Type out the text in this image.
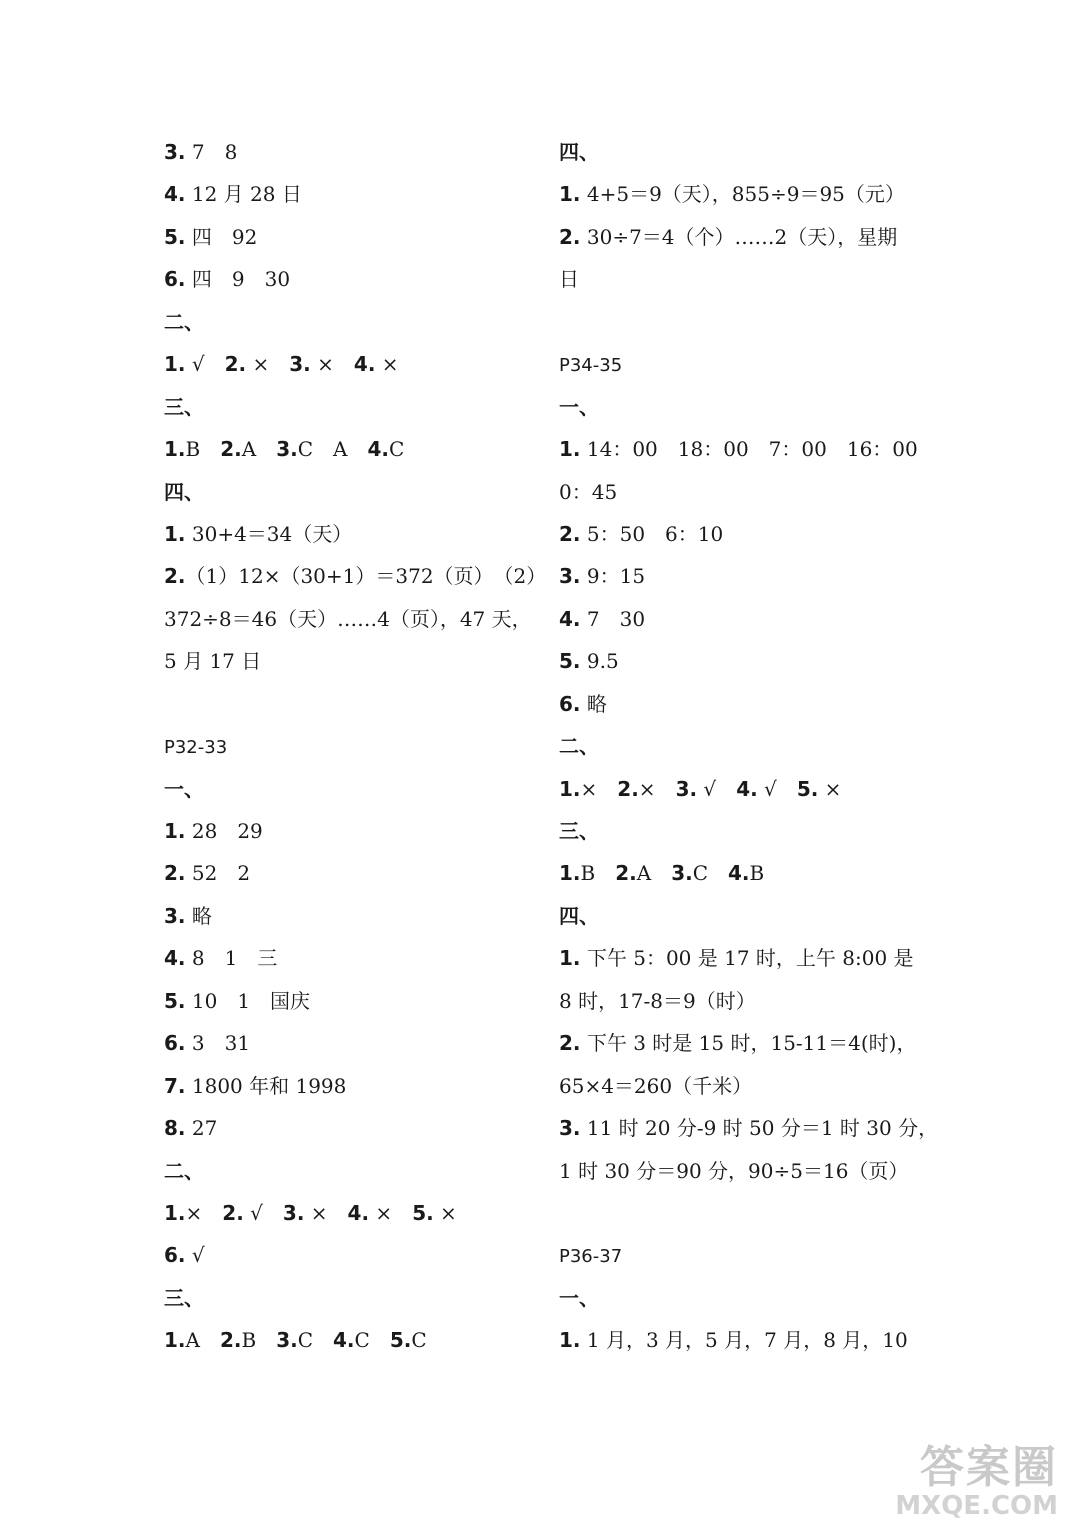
3. 7　8
4. 12 月 28 日
5. 四　92
6. 四　9　30
二、
1. √　2. ×　3. ×　4. ×
三、
1.B　2.A　3.C　A　4.C
四、
1. 30+4＝34（天）
2.（1）12×（30+1）＝372（页）　（2）
372÷8＝46（天）……4（页），47 天，
5 月 17 日
P32-33
一、
1. 28　29
2. 52　2
3. 略
4. 8　1　三
5. 10　1　国庆
6. 3　31
7. 1800 年和 1998
8. 27
二、
1.×　2. √　3. ×　4. ×　5. ×
6. √
三、
1.A　2.B　3.C　4.C　5.C
四、
1. 4+5＝9（天），855÷9＝95（元）
2. 30÷7＝4（个）……2（天），星期
日
P34-35
一、
1. 14：00　18：00　7：00　16：00
0：45
2. 5：50　6：10
3. 9：15
4. 7　30
5. 9.5
6. 略
二、
1.×　2.×　3. √　4. √　5. ×
三、
1.B　2.A　3.C　4.B
四、
1. 下午 5：00 是 17 时，上午 8:00 是
8 时，17-8＝9（时）
2. 下午 3 时是 15 时，15-11＝4(时)，
65×4＝260（千米）
3. 11 时 20 分-9 时 50 分＝1 时 30 分，
1 时 30 分＝90 分，90÷5＝16（页）
P36-37
一、
1. 1 月，3 月，5 月，7 月，8 月，10
答案圈
MXQE.COM
